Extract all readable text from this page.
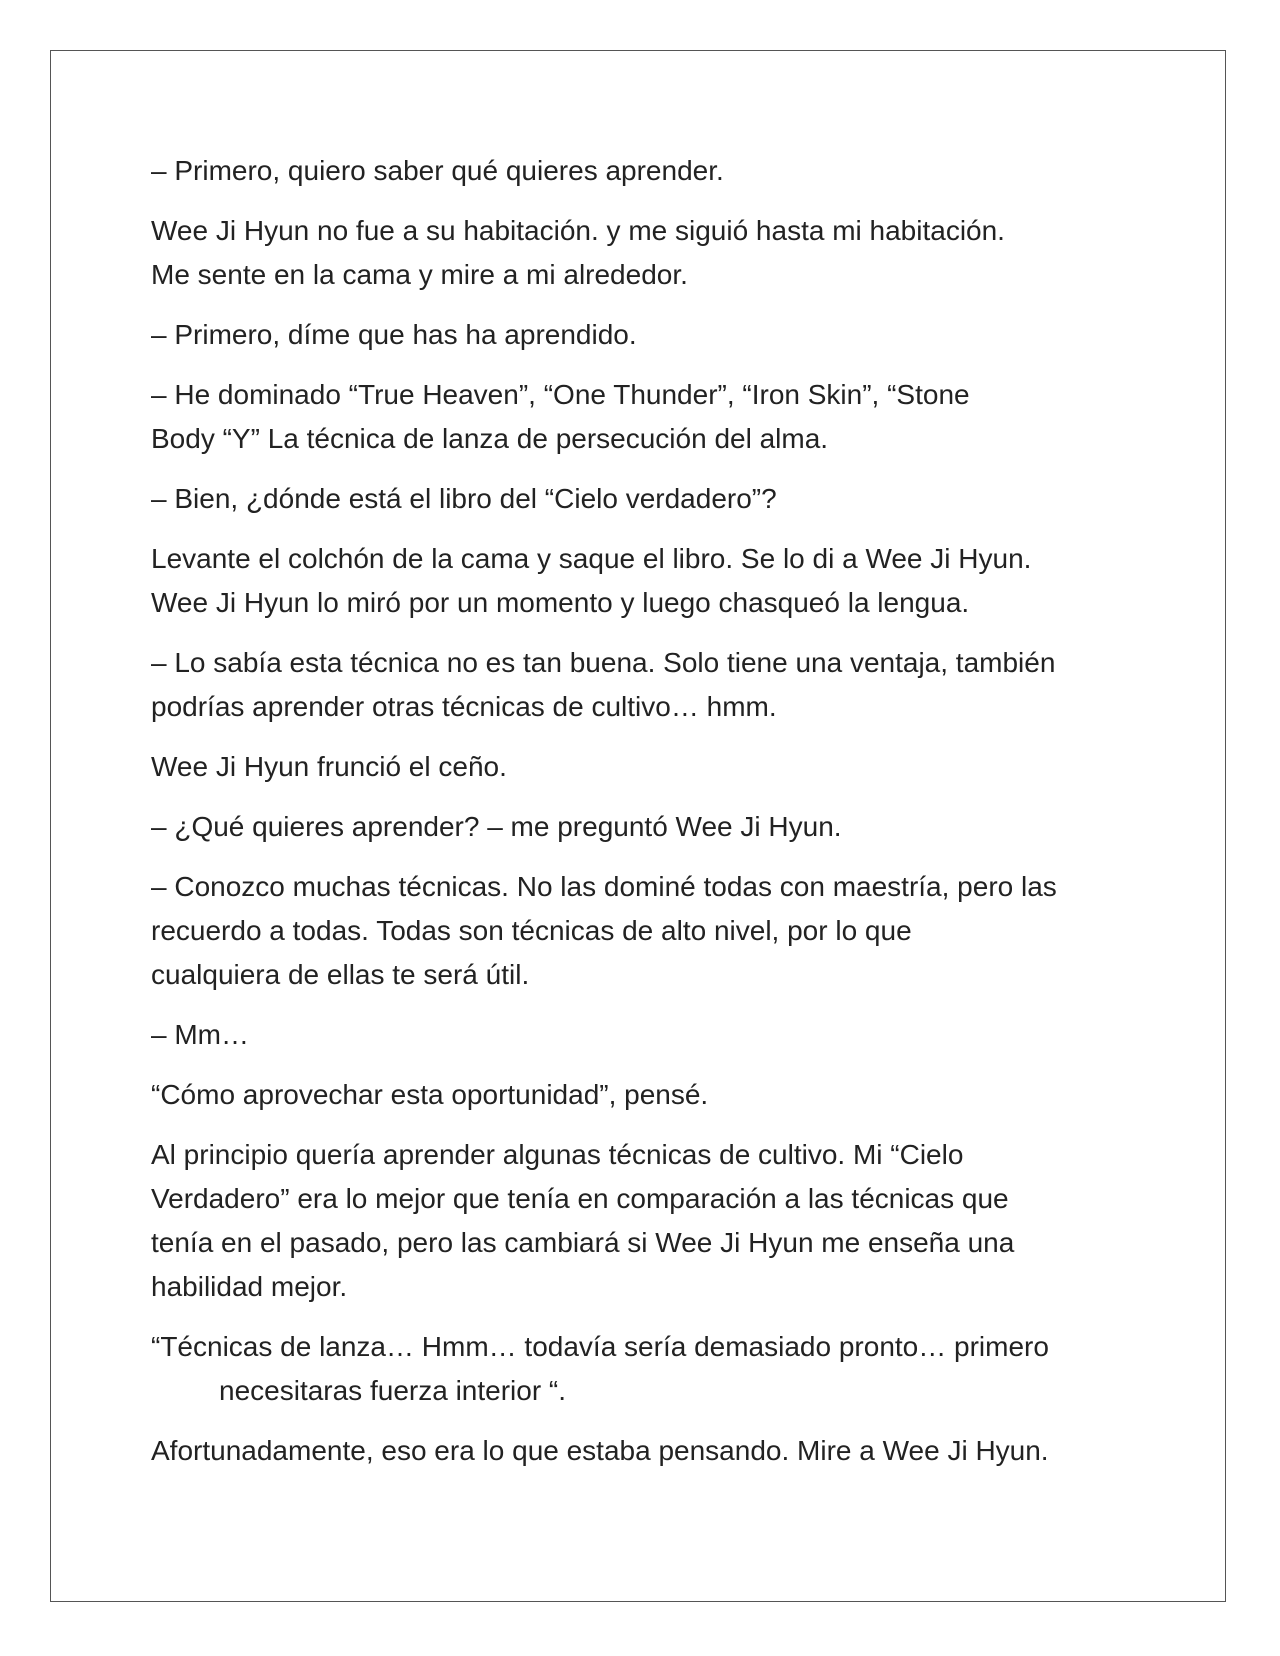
– Primero, quiero saber qué quieres aprender.

Wee Ji Hyun no fue a su habitación. y me siguió hasta mi habitación.
Me sente en la cama y mire a mi alrededor.

– Primero, díme que has ha aprendido.

– He dominado “True Heaven”, “One Thunder”, “Iron Skin”, “Stone
Body “Y” La técnica de lanza de persecución del alma.

– Bien, ¿dónde está el libro del “Cielo verdadero”?

Levante el colchón de la cama y saque el libro. Se lo di a Wee Ji Hyun.
Wee Ji Hyun lo miró por un momento y luego chasqueó la lengua.

– Lo sabía esta técnica no es tan buena. Solo tiene una ventaja, también
podrías aprender otras técnicas de cultivo… hmm.

Wee Ji Hyun frunció el ceño.

– ¿Qué quieres aprender? – me preguntó Wee Ji Hyun.

– Conozco muchas técnicas. No las dominé todas con maestría, pero las
recuerdo a todas. Todas son técnicas de alto nivel, por lo que
cualquiera de ellas te será útil.

– Mm…

“Cómo aprovechar esta oportunidad”, pensé.

Al principio quería aprender algunas técnicas de cultivo. Mi “Cielo
Verdadero” era lo mejor que tenía en comparación a las técnicas que
tenía en el pasado, pero las cambiará si Wee Ji Hyun me enseña una
habilidad mejor.

“Técnicas de lanza… Hmm… todavía sería demasiado pronto… primero
necesitaras fuerza interior “.

Afortunadamente, eso era lo que estaba pensando. Mire a Wee Ji Hyun.
